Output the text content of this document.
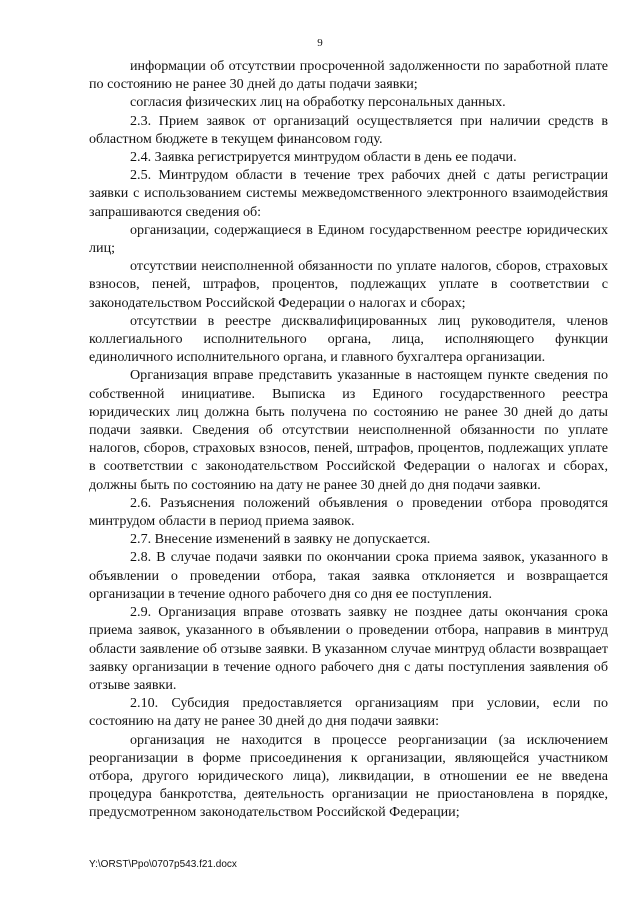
9

информации об отсутствии просроченной задолженности по заработной плате по состоянию не ранее 30 дней до даты подачи заявки;

согласия физических лиц на обработку персональных данных.

2.3. Прием заявок от организаций осуществляется при наличии средств в областном бюджете в текущем финансовом году.

2.4. Заявка регистрируется минтрудом области в день ее подачи.

2.5. Минтрудом области в течение трех рабочих дней с даты регистрации заявки с использованием системы межведомственного электронного взаимодействия запрашиваются сведения об:

организации, содержащиеся в Едином государственном реестре юридических лиц;

отсутствии неисполненной обязанности по уплате налогов, сборов, страховых взносов, пеней, штрафов, процентов, подлежащих уплате в соответствии с законодательством Российской Федерации о налогах и сборах;

отсутствии в реестре дисквалифицированных лиц руководителя, членов коллегиального исполнительного органа, лица, исполняющего функции единоличного исполнительного органа, и главного бухгалтера организации.

Организация вправе представить указанные в настоящем пункте сведения по собственной инициативе. Выписка из Единого государственного реестра юридических лиц должна быть получена по состоянию не ранее 30 дней до даты подачи заявки. Сведения об отсутствии неисполненной обязанности по уплате налогов, сборов, страховых взносов, пеней, штрафов, процентов, подлежащих уплате в соответствии с законодательством Российской Федерации о налогах и сборах, должны быть по состоянию на дату не ранее 30 дней до дня подачи заявки.

2.6. Разъяснения положений объявления о проведении отбора проводятся минтрудом области в период приема заявок.

2.7. Внесение изменений в заявку не допускается.

2.8. В случае подачи заявки по окончании срока приема заявок, указанного в объявлении о проведении отбора, такая заявка отклоняется и возвращается организации в течение одного рабочего дня со дня ее поступления.

2.9. Организация вправе отозвать заявку не позднее даты окончания срока приема заявок, указанного в объявлении о проведении отбора, направив в минтруд области заявление об отзыве заявки. В указанном случае минтруд области возвращает заявку организации в течение одного рабочего дня с даты поступления заявления об отзыве заявки.

2.10. Субсидия предоставляется организациям при условии, если по состоянию на дату не ранее 30 дней до дня подачи заявки:

организация не находится в процессе реорганизации (за исключением реорганизации в форме присоединения к организации, являющейся участником отбора, другого юридического лица), ликвидации, в отношении ее не введена процедура банкротства, деятельность организации не приостановлена в порядке, предусмотренном законодательством Российской Федерации;

Y:\ORST\Ppo\0707p543.f21.docx
